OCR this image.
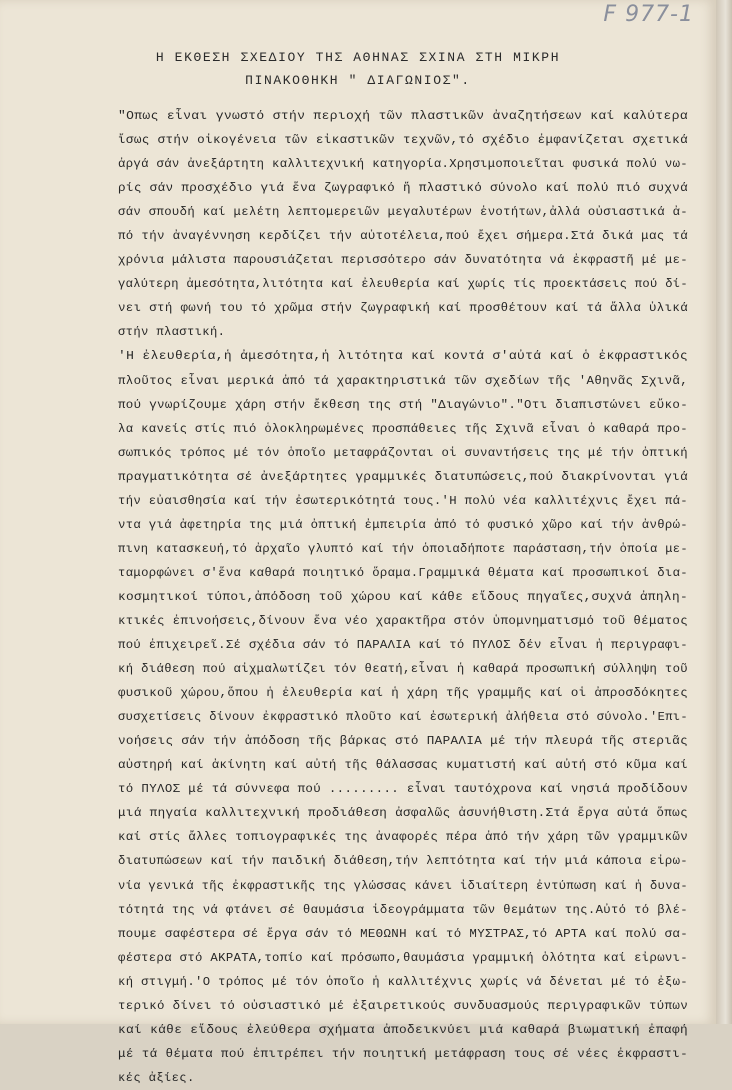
F 977-1
Η ΕΚΘΕΣΗ ΣΧΕΔΙΟΥ ΤΗΣ ΑΘΗΝΑΣ ΣΧΙΝΑ ΣΤΗ ΜΙΚΡΗ
ΠΙΝΑΚΟΘΗΚΗ " ΔΙΑΓΩΝΙΟΣ".
"Οπως εἶναι γνωστό στήν περιοχή τῶν πλαστικῶν ἀναζητήσεων καί καλύτερα
ἴσως στήν οἰκογένεια τῶν εἰκαστικῶν τεχνῶν,τό σχέδιο ἐμφανίζεται σχετικά
ἀργά σάν ἀνεξάρτητη καλλιτεχνική κατηγορία.Χρησιμοποιεῖται φυσικά πολύ νω-
ρίς σάν προσχέδιο γιά ἕνα ζωγραφικό ἤ πλαστικό σύνολο καί πολύ πιό συχνά
σάν σπουδή καί μελέτη λεπτομερειῶν μεγαλυτέρων ἑνοτήτων,ἀλλά οὐσιαστικά ἀ-
πό τήν ἀναγέννηση κερδίζει τήν αὐτοτέλεια,πού ἔχει σήμερα.Στά δικά μας τά
χρόνια μάλιστα παρουσιάζεται περισσότερο σάν δυνατότητα νά ἐκφραστῆ μέ με-
γαλύτερη ἀμεσότητα,λιτότητα καί ἐλευθερία καί χωρίς τίς προεκτάσεις πού δί-
νει στή φωνή του τό χρῶμα στήν ζωγραφική καί προσθέτουν καί τά ἄλλα ὑλικά
στήν πλαστική.
'Η ἐλευθερία,ἡ ἀμεσότητα,ἡ λιτότητα καί κοντά σ'αὐτά καί ὁ ἐκφραστικός
πλοῦτος εἶναι μερικά ἀπό τά χαρακτηριστικά τῶν σχεδίων τῆς 'Αθηνᾶς Σχινᾶ,
πού γνωρίζουμε χάρη στήν ἔκθεση της στή "Διαγώνιο"."Οτι διαπιστώνει εὔκο-
λα κανείς στίς πιό ὁλοκληρωμένες προσπάθειες τῆς Σχινᾶ εἶναι ὁ καθαρά προ-
σωπικός τρόπος μέ τόν ὁποῖο μεταφράζονται οἱ συναντήσεις της μέ τήν ὀπτική
πραγματικότητα σέ ἀνεξάρτητες γραμμικές διατυπώσεις,πού διακρίνονται γιά
τήν εὐαισθησία καί τήν ἐσωτερικότητά τους.'Η πολύ νέα καλλιτέχνις ἔχει πά-
ντα γιά ἀφετηρία της μιά ὀπτική ἐμπειρία ἀπό τό φυσικό χῶρο καί τήν ἀνθρώ-
πινη κατασκευή,τό ἀρχαῖο γλυπτό καί τήν ὁποιαδήποτε παράσταση,τήν ὁποία με-
ταμορφώνει σ'ἕνα καθαρά ποιητικό ὅραμα.Γραμμικά θέματα καί προσωπικοί δια-
κοσμητικοί τύποι,ἀπόδοση τοῦ χώρου καί κάθε εἴδους πηγαῖες,συχνά ἀπηλη-
κτικές ἐπινοήσεις,δίνουν ἕνα νέο χαρακτῆρα στόν ὑπομνηματισμό τοῦ θέματος
πού ἐπιχειρεῖ.Σέ σχέδια σάν τό ΠΑΡΑΛΙΑ καί τό ΠΥΛΟΣ δέν εἶναι ἡ περιγραφι-
κή διάθεση πού αἰχμαλωτίζει τόν θεατή,εἶναι ἡ καθαρά προσωπική σύλληψη τοῦ
φυσικοῦ χώρου,ὅπου ἡ ἐλευθερία καί ἡ χάρη τῆς γραμμῆς καί οἱ ἀπροσδόκητες
συσχετίσεις δίνουν ἐκφραστικό πλοῦτο καί ἐσωτερική ἀλήθεια στό σύνολο.'Επι-
νοήσεις σάν τήν ἀπόδοση τῆς βάρκας στό ΠΑΡΑΛΙΑ μέ τήν πλευρά τῆς στεριᾶς
αὐστηρή καί ἀκίνητη καί αὐτή τῆς θάλασσας κυματιστή καί αὐτή στό κῦμα καί
τό ΠΥΛΟΣ μέ τά σύννεφα πού ......... εἶναι ταυτόχρονα καί νησιά προδίδουν
μιά πηγαία καλλιτεχνική προδιάθεση ἀσφαλῶς ἀσυνήθιστη.Στά ἔργα αὐτά ὅπως
καί στίς ἄλλες τοπιογραφικές της ἀναφορές πέρα ἀπό τήν χάρη τῶν γραμμικῶν
διατυπώσεων καί τήν παιδική διάθεση,τήν λεπτότητα καί τήν μιά κάποια εἰρω-
νία γενικά τῆς ἐκφραστικῆς της γλώσσας κάνει ἰδιαίτερη ἐντύπωση καί ἡ δυνα-
τότητά της νά φτάνει σέ θαυμάσια ἰδεογράμματα τῶν θεμάτων της.Αὐτό τό βλέ-
πουμε σαφέστερα σέ ἔργα σάν τό ΜΕΘΩΝΗ καί τό ΜΥΣΤΡΑΣ,τό ΑΡΤΑ καί πολύ σα-
φέστερα στό ΑΚΡΑΤΑ,τοπίο καί πρόσωπο,θαυμάσια γραμμική ὁλότητα καί εἰρωνι-
κή στιγμή.'Ο τρόπος μέ τόν ὁποῖο ἡ καλλιτέχνις χωρίς νά δένεται μέ τό ἐξω-
τερικό δίνει τό οὐσιαστικό μέ ἐξαιρετικούς συνδυασμούς περιγραφικῶν τύπων
καί κάθε εἴδους ἐλεύθερα σχήματα ἀποδεικνύει μιά καθαρά βιωματική ἐπαφή
μέ τά θέματα πού ἐπιτρέπει τήν ποιητική μετάφραση τους σέ νέες ἐκφραστι-
κές ἀξίες.
